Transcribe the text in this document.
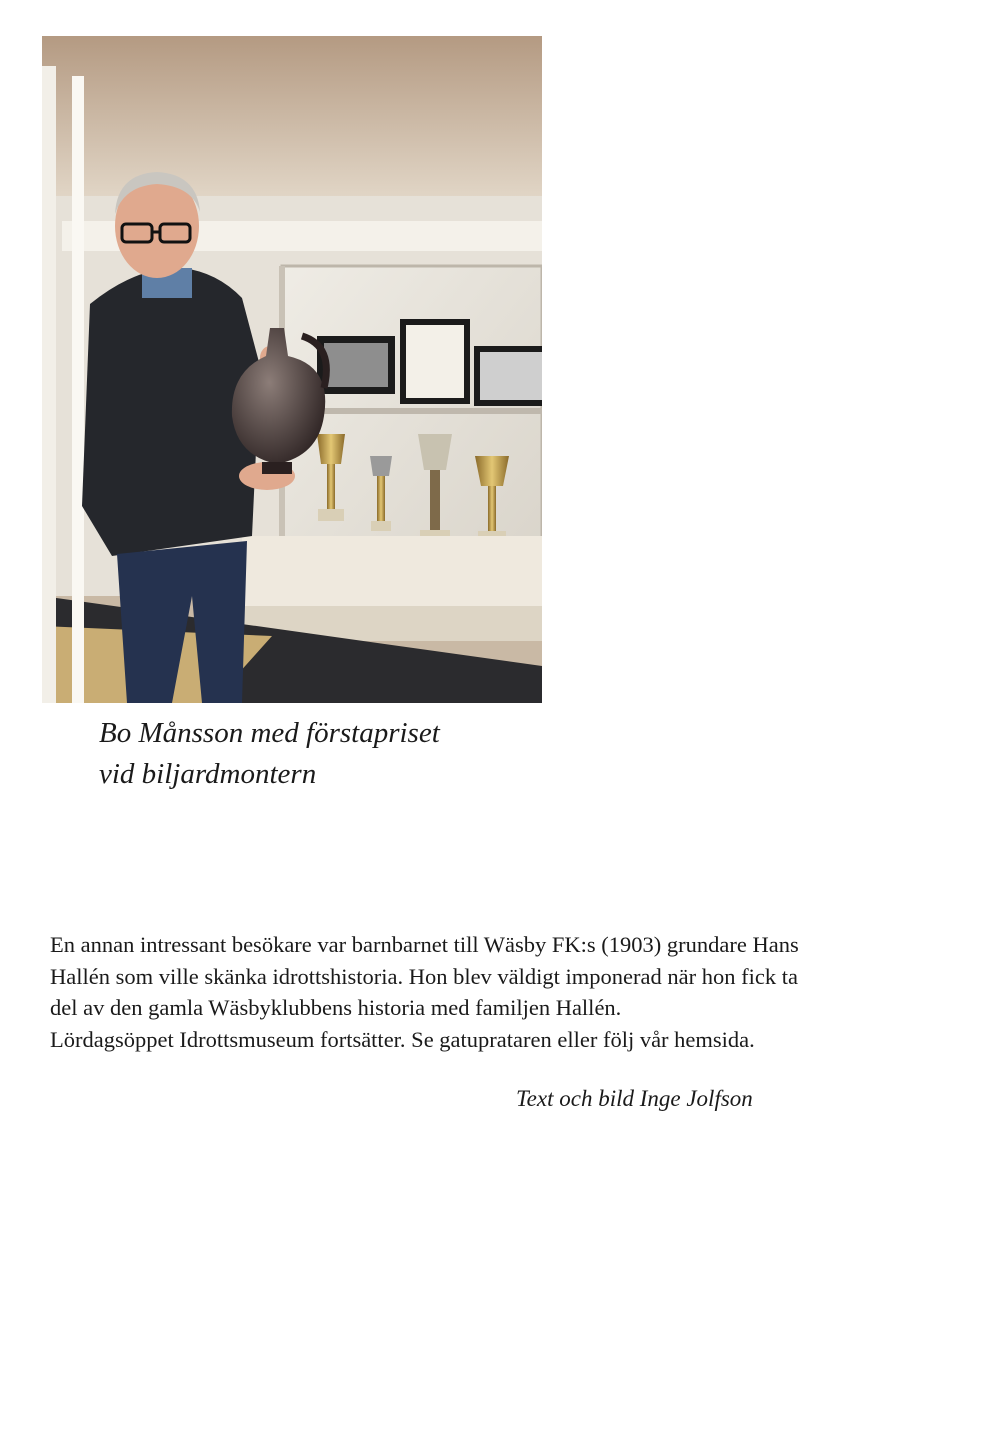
Bo Månsson med förstapriset
vid biljardmontern
En annan intressant besökare var barnbarnet till Wäsby FK:s (1903) grundare Hans
Hallén som ville skänka idrottshistoria. Hon blev väldigt imponerad när hon fick ta
del av den gamla Wäsbyklubbens historia med familjen Hallén.
Lördagsöppet Idrottsmuseum fortsätter. Se gatuprataren eller följ vår hemsida.
Text och bild Inge Jolfson
